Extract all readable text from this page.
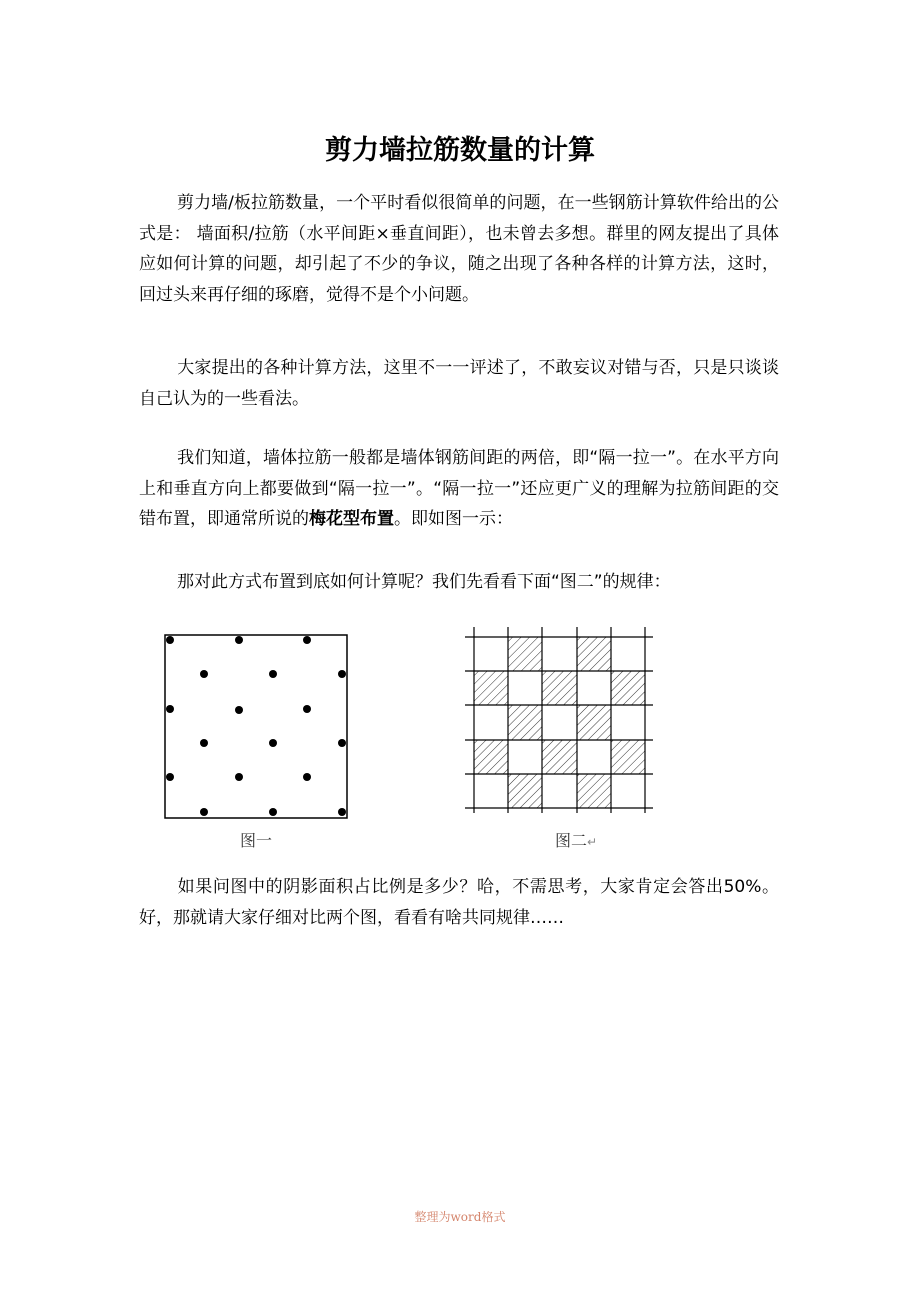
剪力墙拉筋数量的计算

剪力墙/板拉筋数量，一个平时看似很简单的问题，在一些钢筋计算软件给出的公式是： 墙面积/拉筋（水平间距×垂直间距），也未曾去多想。群里的网友提出了具体应如何计算的问题，却引起了不少的争议，随之出现了各种各样的计算方法，这时，回过头来再仔细的琢磨，觉得不是个小问题。

大家提出的各种计算方法，这里不一一评述了，不敢妄议对错与否，只是只谈谈自己认为的一些看法。

我们知道，墙体拉筋一般都是墙体钢筋间距的两倍，即“隔一拉一”。在水平方向上和垂直方向上都要做到“隔一拉一”。“隔一拉一”还应更广义的理解为拉筋间距的交错布置，即通常所说的梅花型布置。即如图一示：

那对此方式布置到底如何计算呢？我们先看看下面“图二”的规律：

图一	图二↵

如果问图中的阴影面积占比例是多少？哈，不需思考，大家肯定会答出50%。好，那就请大家仔细对比两个图，看看有啥共同规律……

整理为word格式
